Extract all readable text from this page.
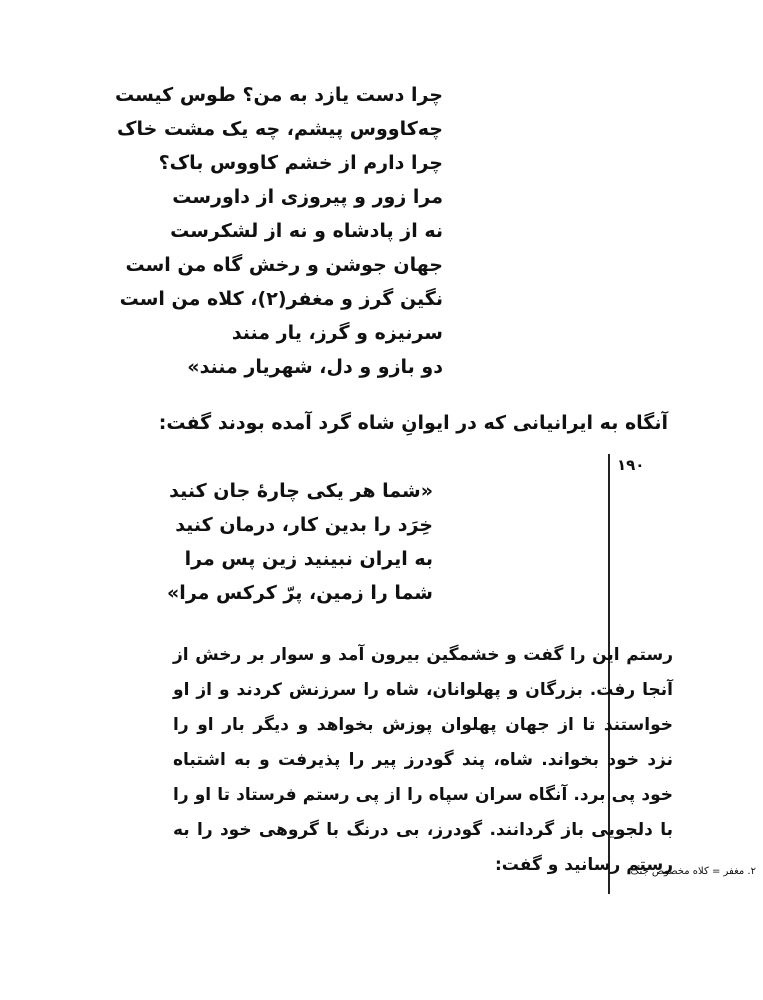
چرا دست یازد به من؟ طوس کیست
چه‌کاووس پیشم، چه یک مشت خاک
چرا دارم از خشم کاووس باک؟
مرا زور و پیروزی از داورست
نه از پادشاه و نه از لشکرست
جهان جوشن و رخش گاه من است
نگین گرز و مغفر(۲)، کلاه من است
سرنیزه و گرز، یار منند
دو بازو و دل، شهریار منند»
آنگاه به ایرانیانی که در ایوانِ شاه گرد آمده بودند گفت:
۱۹۰
«شما هر یکی چارهٔ جان کنید
خِرَد را بدین کار، درمان کنید
به ایران نبینید زین پس مرا
شما را زمین، پرّ کرکس مرا»
رستم این را گفت و خشمگین بیرون آمد و سوار بر رخش از آنجا رفت. بزرگان و پهلوانان، شاه را سرزنش کردند و از او خواستند تا از جهان پهلوان پوزش بخواهد و دیگر بار او را نزد خود بخواند. شاه، پند گودرز پیر را پذیرفت و به اشتباه خود پی برد. آنگاه سران سپاه را از پی رستم فرستاد تا او را با دلجویی باز گردانند. گودرز، بی درنگ با گروهی خود را به رستم رسانید و گفت:
۲. مغفر = کلاه مخصوص جنگ
